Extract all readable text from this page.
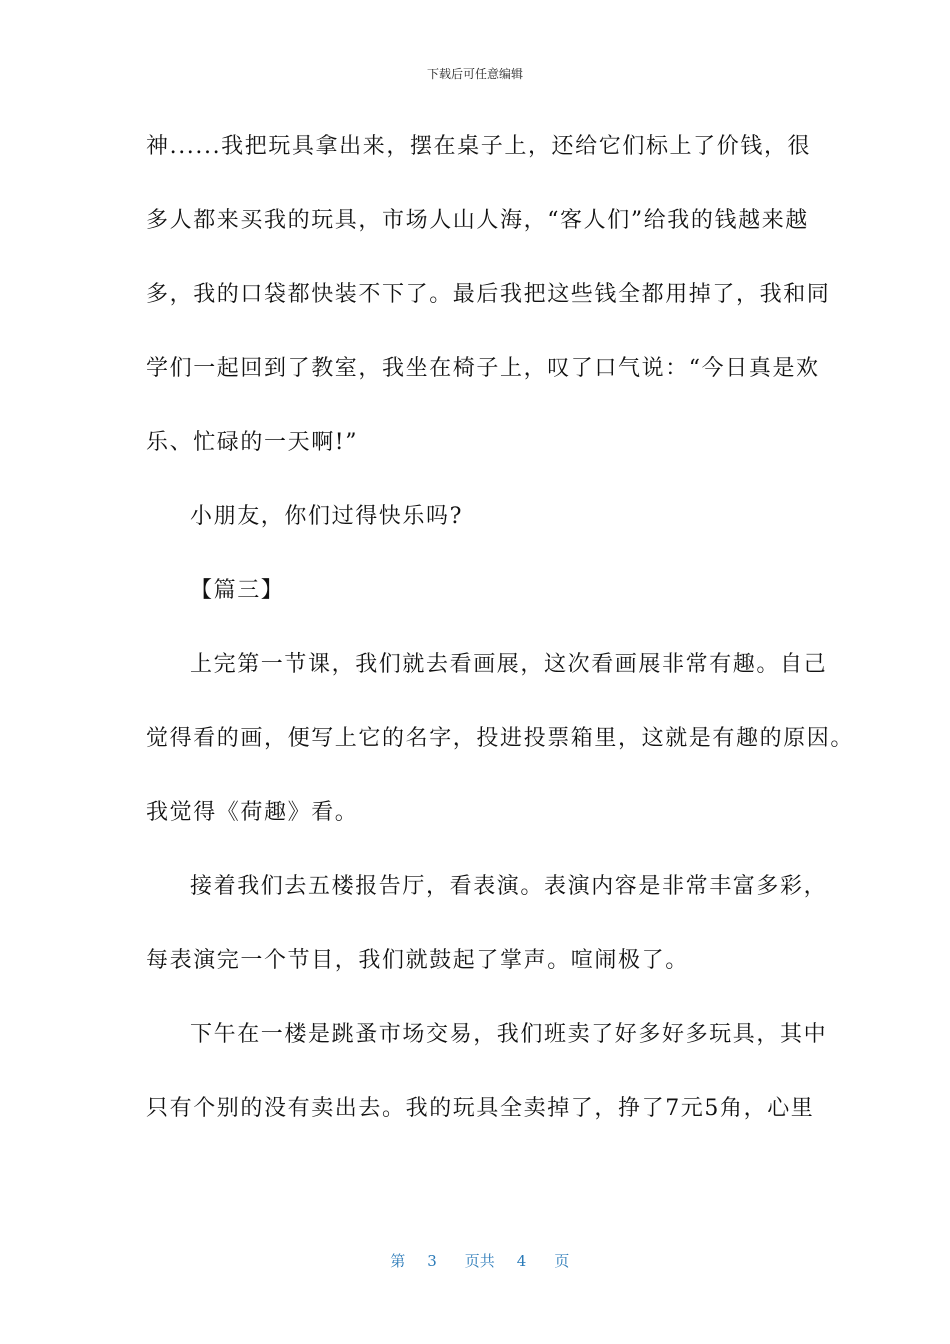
下载后可任意编辑
神......我把玩具拿出来，摆在桌子上，还给它们标上了价钱，很
多人都来买我的玩具，市场人山人海，“客人们”给我的钱越来越
多，我的口袋都快装不下了。最后我把这些钱全都用掉了，我和同
学们一起回到了教室，我坐在椅子上，叹了口气说：“今日真是欢
乐、忙碌的一天啊!”
小朋友，你们过得快乐吗?
【篇三】
上完第一节课，我们就去看画展，这次看画展非常有趣。自己
觉得看的画，便写上它的名字，投进投票箱里，这就是有趣的原因。
我觉得《荷趣》看。
接着我们去五楼报告厅，看表演。表演内容是非常丰富多彩，
每表演完一个节目，我们就鼓起了掌声。喧闹极了。
下午在一楼是跳蚤市场交易，我们班卖了好多好多玩具，其中
只有个别的没有卖出去。我的玩具全卖掉了，挣了7元5角，心里

第 3 页共 4 页
